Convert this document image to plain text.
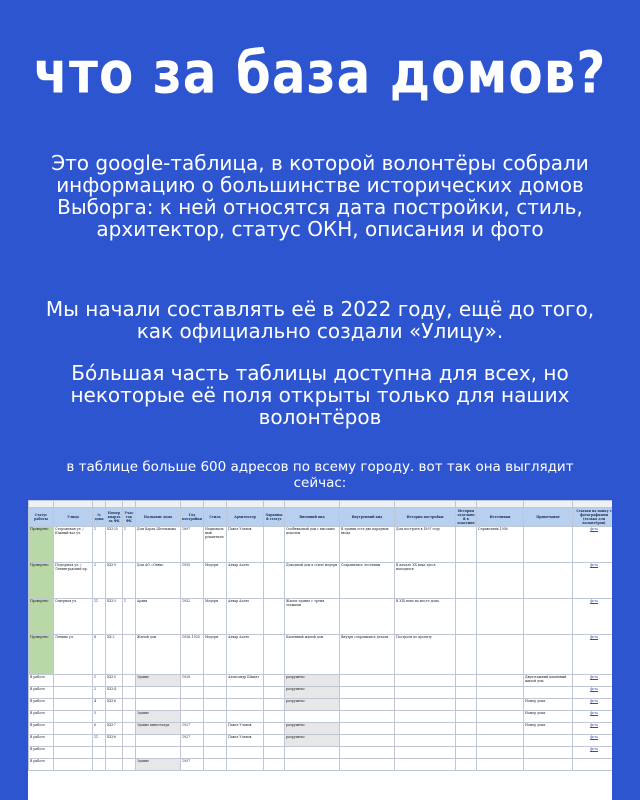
что за база домов?
Это google-таблица, в которой волонтёры собрали информацию о большинстве исторических домов Выборга: к ней относятся дата постройки, стиль, архитектор, статус ОКН, описания и фото
Мы начали составлять её в 2022 году, ещё до того, как официально создали «Улицу».
Бо́льшая часть таблицы доступна для всех, но некоторые её поля открыты только для наших волонтёров
в таблице больше 600 адресов по всему городу. вот так она выглядит сейчас:

Статус работы	Улица	№ дома	Номер квартала ФК	Участок ФК	Название дома	Год постройки	Стиль	Архитектор	Охранный статус	Внешний вид	Внутренний вид	История постройки	История отдельной в пластине	Источники	Примечание	Ссылки на папку с фотографиями (только для волонтёров)
Проверено	Сторожевая ул. / Южный вал ул.	1	XXI-25	1	Дом Карла Шелльмана	1897	Национальный романтизм	Павел Уланов		Особняковый дом с высоким цоколем	В здании есть два парадных входа	Дом построен в 1897 году		Справочник 1956		фото
Проверено	Подгорная ул. / Ленинградский пр.	2	XXI-9		Дом АО «Онни»	1935	Модерн	Алвар Аалто		Доходный дом в стиле модерн	Сохранились лестницы	В начале XX века здесь находился				фото
Проверено	Северная ул.	11	XXI-3	1	Архив	1932	Модерн	Алвар Аалто		Жилое здание с тремя этажами		В XIX веке на месте дома				фото
Проверено	Ленина ул.	8	XX-2		Жилой дом	1936–1935	Модерн	Алвар Аалто		Каменный жилой дом	Внутри сохранились детали	Построен по проекту				фото
В работе		1	XXI-5		Здание	1928		Александр Шмидт		разрушено					Двухэтажный каменный жилой дом	фото
В работе		2	XXI-4							разрушено						фото
В работе		4	XXI-6							разрушено					Номер дома	фото
В работе		5			Здание										Номер дома	фото
В работе		6	XXI-7		Здание кинотеатра	1927		Павел Уланов		разрушено					Номер дома	фото
В работе		11	XXI-8			1927		Павел Уланов		разрушено						фото
В работе																фото
В работе					Здание	1937										
